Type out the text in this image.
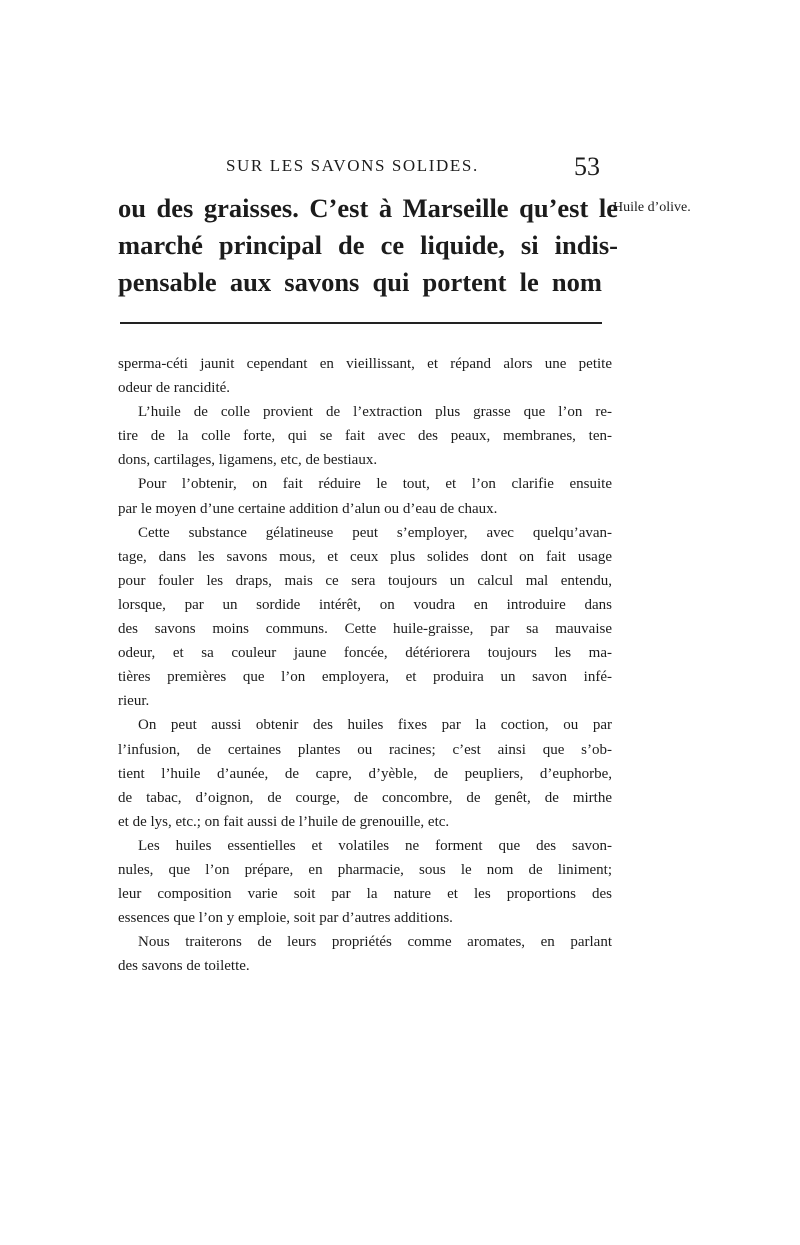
SUR LES SAVONS SOLIDES.	53
ou des graisses. C’est à Marseille qu’est le
marché principal de ce liquide, si indis-
pensable aux savons qui portent le nom
Huile d’olive.
sperma-céti jaunit cependant en vieillissant, et répand alors une petite
odeur de rancidité.
L’huile de colle provient de l’extraction plus grasse que l’on re-
tire de la colle forte, qui se fait avec des peaux, membranes, ten-
dons, cartilages, ligamens, etc, de bestiaux.
Pour l’obtenir, on fait réduire le tout, et l’on clarifie ensuite
par le moyen d’une certaine addition d’alun ou d’eau de chaux.
Cette substance gélatineuse peut s’employer, avec quelqu’avan-
tage, dans les savons mous, et ceux plus solides dont on fait usage
pour fouler les draps, mais ce sera toujours un calcul mal entendu,
lorsque, par un sordide intérêt, on voudra en introduire dans
des savons moins communs. Cette huile-graisse, par sa mauvaise
odeur, et sa couleur jaune foncée, détériorera toujours les ma-
tières premières que l’on employera, et produira un savon infé-
rieur.
On peut aussi obtenir des huiles fixes par la coction, ou par
l’infusion, de certaines plantes ou racines; c’est ainsi que s’ob-
tient l’huile d’aunée, de capre, d’yèble, de peupliers, d’euphorbe,
de tabac, d’oignon, de courge, de concombre, de genêt, de mirthe
et de lys, etc.; on fait aussi de l’huile de grenouille, etc.
Les huiles essentielles et volatiles ne forment que des savon-
nules, que l’on prépare, en pharmacie, sous le nom de liniment;
leur composition varie soit par la nature et les proportions des
essences que l’on y emploie, soit par d’autres additions.
Nous traiterons de leurs propriétés comme aromates, en parlant
des savons de toilette.
